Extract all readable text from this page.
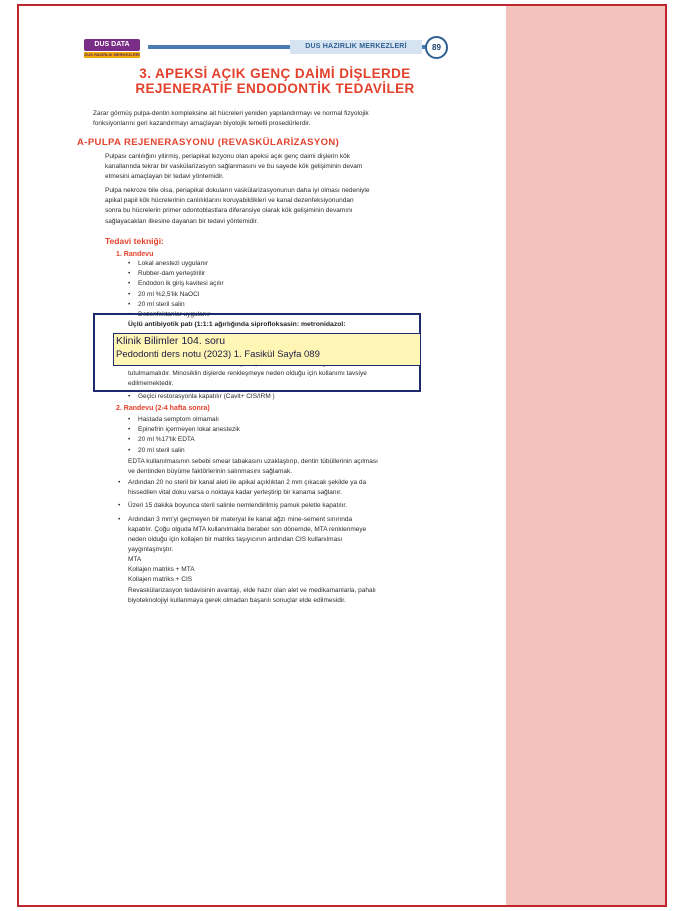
DUS DATA
DUS HAZIRLIK MERKEZLERİ
DUS HAZIRLIK MERKEZLERİ	89
3. APEKSİ AÇIK GENÇ DAİMİ DİŞLERDE
REJENERATİF ENDODONTİK TEDAVİLER
Zarar görmüş pulpa-dentin kompleksine ait hücreleri yeniden yapılandırmayı ve normal fizyolojik
fonksiyonlarını geri kazandırmayı amaçlayan biyolojik temelli prosedürlerdir.
A-PULPA REJENERASYONU (REVASKÜLARİZASYON)
Pulpası canlılığını yitirmiş, periapikal lezyonu olan apeksi açık genç daimi dişlerin kök
kanallarında tekrar bir vaskülarizasyon sağlanmasını ve bu sayede kök gelişiminin devam
etmesini amaçlayan bir tedavi yöntemidir.
Pulpa nekroze bile olsa, periapikal dokuların vaskülarizasyonunun daha iyi olması nedeniyle
apikal papil kök hücrelerinin canlılıklarını koruyabildikleri ve kanal dezenfeksiyonundan
sonra bu hücrelerin primer odontoblastlara diferansiye olarak kök gelişiminin devamını
sağlayacakları ilkesine dayanan bir tedavi yöntemidir.
Tedavi tekniği:
1. Randevu
• Lokal anestezi uygulanır
• Rubber-dam yerleştirilir
• Endodon ik giriş kavitesi açılır
• 20 ml %2,5'lik NaOCl
• 20 ml steril salin
• Dezenfektanlar uygulanır
Üçlü antibiyotik patı (1:1:1 ağırlığında siprofloksasin: metronidazol:
tutulmamalıdır. Minosiklin dişlerde renkleşmeye neden olduğu için kullanımı tavsiye
edilmemektedir.
• Geçici restorasyonla kapatılır (Cavit+ CIS/IRM )
2. Randevu (2-4 hafta sonra)
• Hastada semptom olmamalı
• Epinefrin içermeyen lokal anestezik
• 20 ml %17'lik EDTA
• 20 ml steril salin
EDTA kullanılmasının sebebi smear tabakasını uzaklaştırıp, dentin tübüllerinin açılması
ve dentinden büyüme faktörlerinin salınmasını sağlamak.
• Ardından 20 no steril bir kanal aleti ile apikal açıklıktan 2 mm çıkacak şekilde ya da
hissedilen vital doku varsa o noktaya kadar yerleştirip bir kanama sağlanır.
• Üzeri 15 dakika boyunca steril salinle nemlendirilmiş pamuk peletle kapatılır.
• Ardından 3 mm'yi geçmeyen bir materyal ile kanal ağzı mine-sement sınırında
kapatılır. Çoğu olguda MTA kullanılmakla beraber son dönemde, MTA renklenmeye
neden olduğu için kollajen bir matriks taşıyıcının ardından CIS kullanılması
yaygınlaşmıştır.
MTA
Kollajen matriks + MTA
Kollajen matriks + CIS
Revaskülarizasyon tedavisinin avantajı, elde hazır olan alet ve medikamanlarla, pahalı
biyoteknolojiyi kullanmaya gerek olmadan başarılı sonuçlar elde edilmesidir.
Klinik Bilimler 104. soru
Pedodonti ders notu (2023) 1. Fasikül Sayfa 089
